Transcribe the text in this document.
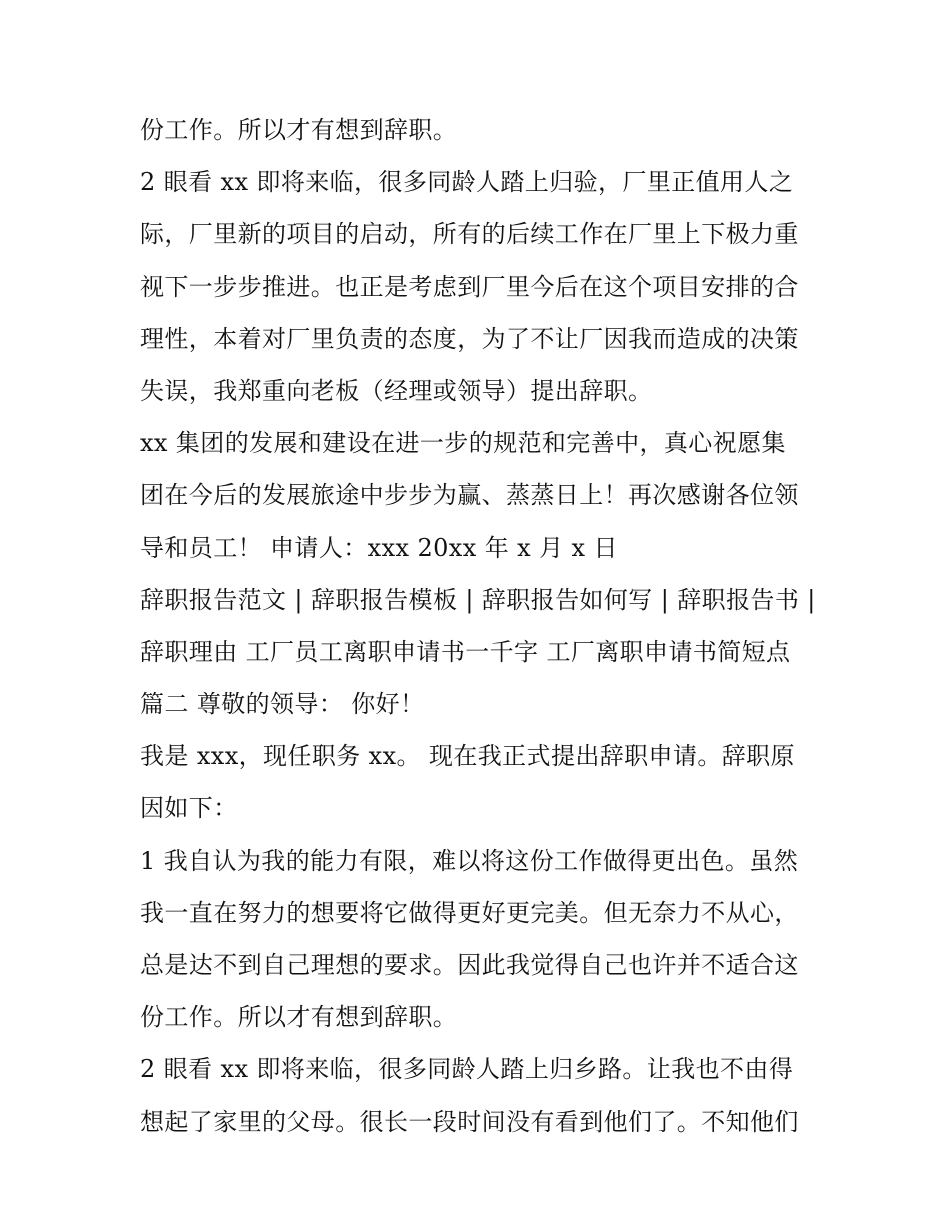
份工作。所以才有想到辞职。
2 眼看 xx 即将来临，很多同龄人踏上归验，厂里正值用人之
际，厂里新的项目的启动，所有的后续工作在厂里上下极力重
视下一步步推进。也正是考虑到厂里今后在这个项目安排的合
理性，本着对厂里负责的态度，为了不让厂因我而造成的决策
失误，我郑重向老板（经理或领导）提出辞职。
xx 集团的发展和建设在进一步的规范和完善中，真心祝愿集
团在今后的发展旅途中步步为赢、蒸蒸日上！再次感谢各位领
导和员工！ 申请人：xxx 20xx 年 x 月 x 日
辞职报告范文 | 辞职报告模板 | 辞职报告如何写 | 辞职报告书 |
辞职理由 工厂员工离职申请书一千字 工厂离职申请书简短点
篇二 尊敬的领导： 你好！
我是 xxx，现任职务 xx。 现在我正式提出辞职申请。辞职原
因如下：
1 我自认为我的能力有限，难以将这份工作做得更出色。虽然
我一直在努力的想要将它做得更好更完美。但无奈力不从心，
总是达不到自己理想的要求。因此我觉得自己也许并不适合这
份工作。所以才有想到辞职。
2 眼看 xx 即将来临，很多同龄人踏上归乡路。让我也不由得
想起了家里的父母。很长一段时间没有看到他们了。不知他们
